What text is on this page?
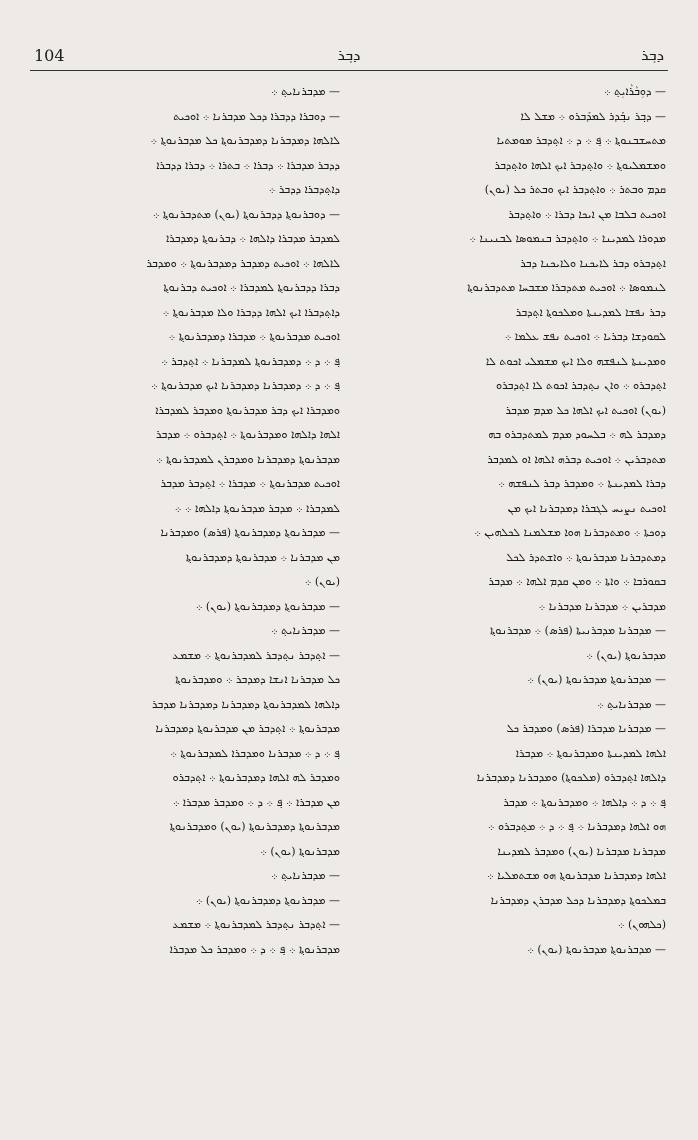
104	ܕܒ݂ܪ	ܕܒ݂ܪ
— ܕܘܼܒܵܪܵܐܝܼܬ݂ ܀
— ܕܒ݂ܪ ܢܒ݂ܰܕܪ ܠܡܕܰܒܪܘ ܀ ܡܫܠ ܠܐ
ܡܬܚܫܒܢܘܬ݂ܐ ܀ ܦ݂ ܀ ܕ ܀ ܐܬ݂ܕܒܪ ܡܘܡܬܝܐ
ܘܡܫܡܠܝܘܬ݂ܐ ܀ ܘܐܬ݂ܕܒܪ ܐܝܟ ܐܠܗܐ ܘܐܬ݂ܕܒܪ
ܩܕܡ ܘܒܬܪ ܀ ܘܐܬ݂ܕܒܪ ܐܝܟ ܘܒܬܪ ܟܠ (ܝܘܢ)
ܐܘܟܝܬ ܒܠܒܐ ܡܢ ܐܝܟܐ ܕܒܪܐ ܀ ܘܐܬ݂ܕܒܪ
ܡܕܘܪܐ ܠܡܕܝܢܐ ܀ ܘܐܬ݂ܕܒܪ ܒܢܡܘܣܐ ܠܒܢܝܢܐ ܀
ܐܬ݂ܕܒܪܘ ܕܒܪ ܠܐܝܟܢܐ ܘܠܐܝܟܢܐ ܕܒܪ
ܠܢܡܘܣܐ ܀ ܐܘܟܝܬ ܡܬܕܒܪܐ ܡܫܒܚܐ ܡܬܕܒܪܢܘܬ݂ܐ
ܕܒܪ ܢܦܫܐ ܠܡܕܝܢܬܐ ܘܡܠܟܘܬ݂ܐ ܐܬ݂ܕܒܪ
ܠܩܘܕܫܐ ܕܒܪܝܐ ܀ ܐܘܟܝܬ ܢܦܫ ܥܠܡܐ ܀
ܘܡܕܝܢܬܐ ܠܢܦܫܗ ܘܠܐ ܐܝܟ ܡܫܡܠܝ ܐܟܘܬ ܠܐ
ܐܬ݂ܕܒܪܘ ܀ ܘܐܢ ܢܬ݂ܕܒܪ ܐܟܘܬ ܠܐ ܐܬ݂ܕܒܪܘ
(ܝܘܢ) ܐܘܟܝܬ ܐܝܟ ܐܠܗܐ ܟܠ ܡܕܡ ܡܕܒܪ
ܕܡܕܒܪ ܠܗ ܀ ܒܠܚܘܕ ܡܕܡ ܠܡܬܕܒܪܘ ܒܗ
ܡܬܕܒܪܝܢ ܀ ܐܘܟܝܬ ܕܒܪܗ ܐܠܗܐ ܐܘ ܠܡܕܒܪ
ܕܒܪܐ ܠܡܕܝܢܬܐ ܀ ܘܡܕܒܪ ܕܒܪ ܠܢܦܫܗ ܀
ܐܘܟܝܬ ܢܨܝܚ ܠܓܒܪܐ ܕܡܕܒܪܢܐ ܐܝܟ ܡܢ
ܕܘܟܬܐ ܀ ܘܡܬܕܒܪܢܐ ܗܘܐ ܡܫܠܡܢܐ ܠܟܠܗܝܢ ܀
ܕܡܬܕܒܪܢܐ ܡܕܒܪܢܘܬ݂ܐ ܀ ܘܐܫܬܕܪ ܠܟܠ
ܒܩܘܪܒܐ ܀ ܘܐܬܐ ܀ ܘܡܢ ܩܕܡ ܐܠܗܐ ܀ ܡܕܒܪ
ܡܕܒܪܝܢ ܀ ܡܕܒܪܢܐ ܡܕܒܪܢܐ ܀
— ܡܕܒܪܢܐ ܡܕܒܪܢܝܬܐ (ܦܪܣ) ܀ ܡܕܒܪܢܘܬ݂ܐ
ܡܕܒܪܢܘܬ݂ܐ (ܝܘܢ) ܀
— ܡܕܒܪܢܘܬ݂ܐ ܡܕܒܪܢܘܬ݂ܐ (ܝܘܢ) ܀
— ܡܕܒܪܢܐܝܬ݂ ܀
— ܡܕܒܪܢܐ ܡܕܒܪܐ (ܦܪܣ) ܘܡܕܒܪ ܟܠ
ܐܠܗܐ ܠܡܕܝܢܬܐ ܘܡܕܒܪܢܘܬ݂ܐ ܀ ܡܕܒܪܐ
ܕܐܠܗܐ ܐܬ݂ܕܒܪܘ (ܡܠܟܘܬ݂ܐ) ܘܡܕܒܪܢܐ ܕܡܕܒܪܢܐ
ܦ݂ ܀ ܕ ܀ ܕܐܠܗܐ ܀ ܘܡܕܒܪܢܘܬ݂ܐ ܀ ܡܕܒܪ
ܗܘ ܐܠܗܐ ܕܡܕܒܪܢܐ ܀ ܦ݂ ܀ ܕ ܀ ܡܬ݂ܕܒܪܘ ܀
ܡܕܒܪܢܐ ܡܕܒܪܢܐ (ܝܘܢ) ܘܡܕܒܪ ܠܡܕܝܢܐ
ܐܠܗܐ ܕܡܕܒܪܢܐ ܡܕܒܪܢܘܬ݂ܐ ܗܘ ܡܫܬܡܠܝܐ ܀
ܒܡܠܟܘܬ݂ܐ ܕܡܕܒܪܢܐ ܕܟܠ ܡܕܒܪܢ ܕܡܕܒܪܢܐ
(ܟܠܗܘܢ) ܀
— ܡܕܒܪܢܘܬ݂ܐ ܡܕܒܪܢܘܬ݂ܐ (ܝܘܢ) ܀
— ܡܕܒܪܢܐܝܬ݂ ܀
— ܕܘܒܪܐ ܕܕܒܪܐ ܕܟܠ ܡܕܒܪܢܐ ܀ ܐܘܟܝܬ
ܠܐܠܗܐ ܕܡܕܒܪܢܐ ܕܡܕܒܪܢܘܬ݂ܐ ܟܠ ܡܕܒܪܢܘܬ݂ܐ ܀
ܕܕܒܪ ܡܕܒܪܐ ܀ ܕܒܪܐ ܀ ܒܬܪܐ ܀ ܕܒܪܐ ܕܕܒܪܐ
ܕܐܬ݂ܕܒܪܐ ܕܕܒܪ ܀
— ܕܘܒܪܢܘܬ݂ܐ ܕܕܒܪܢܘܬ݂ܐ (ܝܘܢ) ܡܬܕܒܪܢܘܬ݂ܐ ܀
ܠܡܕܒܪ ܡܕܒܪܐ ܕܐܠܗܐ ܀ ܕܒܪܢܘܬ݂ܐ ܕܡܕܒܪܐ
ܠܐܠܗܐ ܀ ܐܘܟܝܬ ܕܡܕܒܪ ܕܡܕܒܪܢܘܬ݂ܐ ܀ ܘܡܕܒܪ
ܕܒܪܐ ܕܕܒܪܢܘܬ݂ܐ ܠܡܕܒܪܐ ܀ ܐܘܟܝܬ ܕܒܪܢܘܬ݂ܐ
ܕܐܬ݂ܕܒܪܐ ܐܝܟ ܐܠܗܐ ܕܕܒܪܐ ܘܠܐ ܡܕܒܪܢܘܬ݂ܐ ܀
ܐܘܟܝܬ ܡܕܒܪܢܘܬ݂ܐ ܀ ܡܕܒܪܐ ܕܡܕܒܪܢܘܬ݂ܐ ܀
ܦ݂ ܀ ܕ ܀ ܕܡܕܒܪܢܘܬ݂ܐ ܠܡܕܒܪܢܐ ܀ ܐܬ݂ܕܒܪ ܀
ܦ݂ ܀ ܕ ܀ ܕܡܕܒܪܢܐ ܕܡܕܒܪܢܐ ܐܝܟ ܡܕܒܪܢܘܬ݂ܐ ܀
ܘܡܕܒܪܐ ܐܝܟ ܕܒܪ ܡܕܒܪܢܘܬ݂ܐ ܘܡܕܒܪ ܠܡܕܒܪܐ
ܐܠܗܐ ܕܐܠܗܐ ܘܡܕܒܪܢܘܬ݂ܐ ܀ ܐܬ݂ܕܒܪܘ ܀ ܡܕܒܪ
ܡܕܒܪܢܘܬ݂ܐ ܕܡܕܒܪܢܐ ܘܡܕܒܪܢ ܠܡܕܒܪܢܘܬ݂ܐ ܀
ܐܘܟܝܬ ܡܕܒܪܢܘܬ݂ܐ ܀ ܡܕܒܪܐ ܀ ܐܬ݂ܕܒܪ ܡܕܒܪ
ܠܡܕܒܪܐ ܀ ܡܕܒܪ ܡܕܒܪܢܘܬ݂ܐ ܕܐܠܗܐ ܀ ܀
— ܡܕܒܪܢܘܬ݂ܐ ܕܡܕܒܪܢܘܬ݂ܐ (ܦܪܣ) ܘܡܕܒܪܢܐ
ܡܢ ܡܕܒܪܢܐ ܀ ܡܕܒܪܢܘܬ݂ܐ ܕܡܕܒܪܢܘܬ݂ܐ
(ܝܘܢ) ܀
— ܡܕܒܪܢܘܬ݂ܐ ܕܡܕܒܪܢܘܬ݂ܐ (ܝܘܢ) ܀
— ܡܕܒܪܢܐܝܬ݂ ܀
— ܐܬ݂ܕܒܪ ܢܬ݂ܕܒܪ ܠܡܕܒܪܢܘܬ݂ܐ ܀ ܡܫܡܥ
ܟܠ ܡܕܒܪܢܐ ܐܢܫܐ ܕܡܕܒܪ ܀ ܘܡܕܒܪܢܘܬ݂ܐ
ܕܐܠܗܐ ܠܡܕܒܪܢܘܬ݂ܐ ܕܡܕܒܪܢܐ ܕܡܕܒܪܢܐ ܡܕܒܪ
ܡܕܒܪܢܘܬ݂ܐ ܀ ܐܬ݂ܕܒܪ ܡܢ ܡܕܒܪܢܘܬ݂ܐ ܕܡܕܒܪܢܐ
ܦ݂ ܀ ܕ ܀ ܡܕܒܪܢܐ ܘܡܕܒܪܐ ܠܡܕܒܪܢܘܬ݂ܐ ܀
ܘܡܕܒܪ ܠܗ ܐܠܗܐ ܕܡܕܒܪܢܘܬ݂ܐ ܀ ܐܬ݂ܕܒܪܘ
ܡܢ ܡܕܒܪܐ ܀ ܦ݂ ܀ ܕ ܀ ܘܡܕܒܪ ܡܕܒܪܐ ܀
ܡܕܒܪܢܘܬ݂ܐ ܕܡܕܒܪܢܘܬ݂ܐ (ܝܘܢ) ܘܡܕܒܪܢܘܬ݂ܐ
ܡܕܒܪܢܘܬ݂ܐ (ܝܘܢ) ܀
— ܡܕܒܪܢܐܝܬ݂ ܀
— ܡܕܒܪܢܘܬ݂ܐ ܕܡܕܒܪܢܘܬ݂ܐ (ܝܘܢ) ܀
— ܐܬ݂ܕܒܪ ܢܬ݂ܕܒܪ ܠܡܕܒܪܢܘܬ݂ܐ ܀ ܡܫܡܥ
ܡܕܒܪܢܘܬ݂ܐ ܀ ܦ݂ ܀ ܕ ܀ ܘܡܕܒܪ ܟܠ ܡܕܒܪܐ
